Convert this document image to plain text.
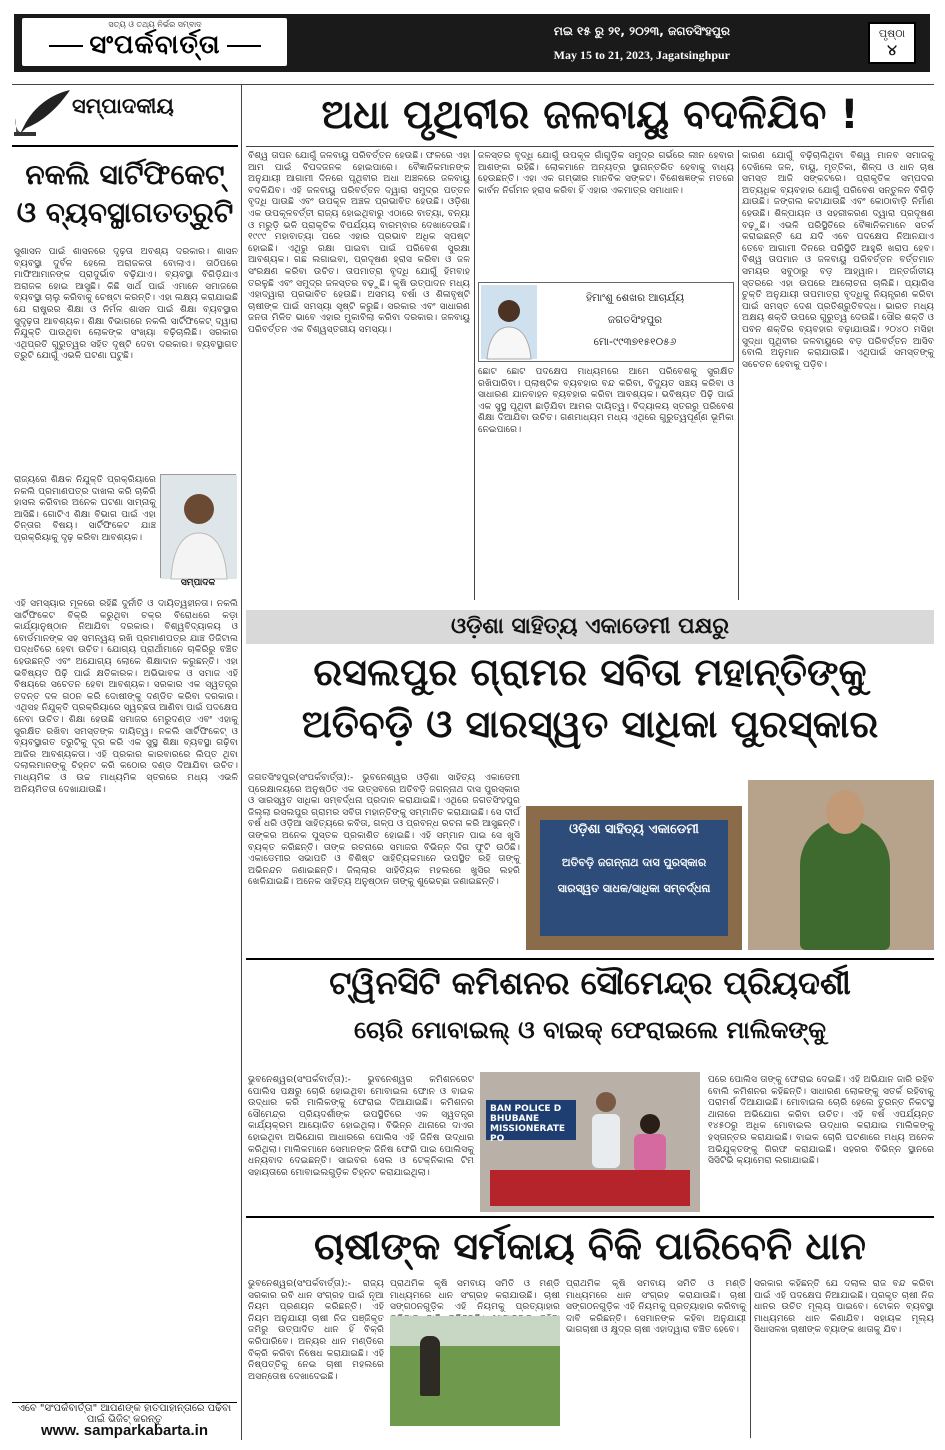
ସତ୍ୟ ଓ ତଥ୍ୟ ନିର୍ଭର ସମ୍ବାଦ
ସଂପର୍କବାର୍ତ୍ତା	ମଇ ୧୫ ରୁ ୨୧, ୨୦୨୩, ଜଗତସିଂହପୁର
May 15 to 21, 2023, Jagatsinghpur
ପୃଷ୍ଠା
୪
ସମ୍ପାଦକୀୟ
ନକଲି ସାର୍ଟିଫିକେଟ୍
ଓ ବ୍ୟବସ୍ଥାଗତତ୍ରୁଟି
ସୁଶାସନ ପାଇଁ ଶାସନରେ ଦୃଢ଼ତା ଅବଶ୍ୟ ଦରକାର। ଶାସନ ବ୍ୟବସ୍ଥା ଦୁର୍ବଳ ହେଲେ ଅରାଜକତା ବୋଲାଏ। ତାଠିପରେ ମାଫିଆମାନଙ୍କ ପ୍ରାଦୁର୍ଭାବ ବଢ଼ିଯାଏ। ବ୍ୟବସ୍ଥା ବିଗିଡ଼ିଯାଏ ଅରାଜକ ହୋଇ ଆସୁଛି। କିଛି ସାର୍ଥ ପାଇଁ ଏମାନେ ସମାଜରେ ବ୍ୟବସ୍ଥା ଚାଲୁ କରିବାକୁ ଚେଷ୍ଟା କରନ୍ତି। ଏହା ଲକ୍ଷ୍ୟ କରାଯାଇଛି ଯେ ରାଷ୍ଟ୍ରର ଶିକ୍ଷା ଓ ନିର୍ମଳ ଶାସନ ପାଇଁ ଶିକ୍ଷା ବ୍ୟବସ୍ଥାର ସୁଦୃଢ଼ତା ଆବଶ୍ୟକ। ଶିକ୍ଷା ବିଭାଗରେ ନକଲି ସାର୍ଟିଫିକେଟ୍ ଦ୍ୱାରା ନିଯୁକ୍ତି ପାଉଥିବା ଲୋକଙ୍କ ସଂଖ୍ୟା ବଢ଼ିଚାଲିଛି। ସରକାର ଏଥିପ୍ରତି ଗୁରୁତ୍ୱର ସହିତ ଦୃଷ୍ଟି ଦେବା ଦରକାର। ବ୍ୟବସ୍ଥାଗତ ତ୍ରୁଟି ଯୋଗୁଁ ଏଭଳି ଘଟଣା ଘଟୁଛି।
ରାଜ୍ୟରେ ଶିକ୍ଷକ ନିଯୁକ୍ତି ପ୍ରକ୍ରିୟାରେ ନକଲି ପ୍ରମାଣପତ୍ର ଦାଖଲ କରି ଚାକିରି ହାସଲ କରିବାର ଅନେକ ଘଟଣା ସାମ୍ନାକୁ ଆସିଛି। ଗୋଟିଏ ଶିକ୍ଷା ବିଭାଗ ପାଇଁ ଏହା ଚିନ୍ତାର ବିଷୟ। ସାର୍ଟିଫିକେଟ ଯାଞ୍ଚ ପ୍ରକ୍ରିୟାକୁ ଦୃଢ଼ କରିବା ଆବଶ୍ୟକ।
ସମ୍ପାଦକ
ଏହି ସମସ୍ୟାର ମୂଳରେ ରହିଛି ଦୁର୍ନୀତି ଓ ଦାୟିତ୍ୱହୀନତା। ନକଲି ସାର୍ଟିଫିକେଟ ବିକ୍ରି କରୁଥିବା ଚକ୍ର ବିରୋଧରେ କଡ଼ା କାର୍ଯ୍ୟାନୁଷ୍ଠାନ ନିଆଯିବା ଦରକାର। ବିଶ୍ୱବିଦ୍ୟାଳୟ ଓ ବୋର୍ଡମାନଙ୍କ ସହ ସମନ୍ୱୟ ରଖି ପ୍ରମାଣପତ୍ର ଯାଞ୍ଚ ଡିଜିଟାଲ ପଦ୍ଧତିରେ ହେବା ଉଚିତ। ଯୋଗ୍ୟ ପ୍ରାର୍ଥୀମାନେ ଚାକିରିରୁ ବଞ୍ଚିତ ହେଉଛନ୍ତି ଏବଂ ଅଯୋଗ୍ୟ ଲୋକେ ଶିକ୍ଷାଦାନ କରୁଛନ୍ତି। ଏହା ଭବିଷ୍ୟତ ପିଢ଼ି ପାଇଁ କ୍ଷତିକାରକ। ଅଭିଭାବକ ଓ ସମାଜ ଏହି ବିଷୟରେ ସଚେତନ ହେବା ଆବଶ୍ୟକ। ସରକାର ଏକ ସ୍ୱତନ୍ତ୍ର ତଦନ୍ତ ଦଳ ଗଠନ କରି ଦୋଷୀଙ୍କୁ ଦଣ୍ଡିତ କରିବା ଦରକାର। ଏଥିସହ ନିଯୁକ୍ତି ପ୍ରକ୍ରିୟାରେ ସ୍ୱଚ୍ଛତା ଆଣିବା ପାଇଁ ପଦକ୍ଷେପ ନେବା ଉଚିତ। ଶିକ୍ଷା ହେଉଛି ସମାଜର ମେରୁଦଣ୍ଡ ଏବଂ ଏହାକୁ ସୁରକ୍ଷିତ ରଖିବା ସମସ୍ତଙ୍କ ଦାୟିତ୍ୱ। ନକଲି ସାର୍ଟିଫିକେଟ୍ ଓ ବ୍ୟବସ୍ଥାଗତ ତ୍ରୁଟିକୁ ଦୂର କରି ଏକ ସୁସ୍ଥ ଶିକ୍ଷା ବ୍ୟବସ୍ଥା ଗଢ଼ିବା ଆଜିର ଆବଶ୍ୟକତା। ଏହି ପ୍ରକାର କାରବାରରେ ଲିପ୍ତ ଥିବା ଦଲାଲମାନଙ୍କୁ ଚିହ୍ନଟ କରି କଠୋର ଦଣ୍ଡ ଦିଆଯିବା ଉଚିତ। ମାଧ୍ୟମିକ ଓ ଉଚ୍ଚ ମାଧ୍ୟମିକ ସ୍ତରରେ ମଧ୍ୟ ଏଭଳି ଅନିୟମିତତା ଦେଖାଯାଉଛି।
ଏବେ "ସଂପର୍କବାର୍ତ୍ତା" ଆପଣଙ୍କ ହାତପାହାନ୍ତାରେ ପଢିବା ପାଇଁ ଭିଜିଟ୍ କରନ୍ତୁ
www. samparkabarta.in
ଅଧା ପୃଥିବୀର ଜଳବାୟୁ ବଦଳିଯିବ !
ବିଶ୍ୱ ତାପନ ଯୋଗୁଁ ଜଳବାୟୁ ପରିବର୍ତ୍ତନ ହେଉଛି। ଫଳରେ ଏହା ଆମ ପାଇଁ ବିପଦଜନକ ହୋଇପାରେ। ବୈଜ୍ଞାନିକମାନଙ୍କ ଅନୁଯାୟୀ ଆଗାମୀ ଦିନରେ ପୃଥିବୀର ଅଧା ଅଞ୍ଚଳରେ ଜଳବାୟୁ ବଦଳିଯିବ। ଏହି ଜଳବାୟୁ ପରିବର୍ତ୍ତନ ଦ୍ୱାରା ସମୁଦ୍ର ପତ୍ତନ ବୃଦ୍ଧି ପାଉଛି ଏବଂ ଉପକୂଳ ଅଞ୍ଚଳ ପ୍ରଭାବିତ ହେଉଛି। ଓଡ଼ିଶା ଏକ ଉପକୂଳବର୍ତ୍ତୀ ରାଜ୍ୟ ହୋଇଥିବାରୁ ଏଠାରେ ବାତ୍ୟା, ବନ୍ୟା ଓ ମରୁଡ଼ି ଭଳି ପ୍ରାକୃତିକ ବିପର୍ଯ୍ୟୟ ବାରମ୍ବାର ଦେଖାଦେଉଛି। ୧୯୯୯ ମହାବାତ୍ୟା ପରେ ଏହାର ପ୍ରଭାବ ଅଧିକ ସ୍ପଷ୍ଟ ହୋଇଛି। ଏଥିରୁ ରକ୍ଷା ପାଇବା ପାଇଁ ପରିବେଶ ସୁରକ୍ଷା ଆବଶ୍ୟକ। ଗଛ ଲଗାଇବା, ପ୍ରଦୂଷଣ ହ୍ରାସ କରିବା ଓ ଜଳ ସଂରକ୍ଷଣ କରିବା ଉଚିତ। ତାପମାତ୍ରା ବୃଦ୍ଧି ଯୋଗୁଁ ହିମବାହ ତରଳୁଛି ଏବଂ ସମୁଦ୍ର ଜଳସ୍ତର ବଢ଼ୁଛି। କୃଷି ଉତ୍ପାଦନ ମଧ୍ୟ ଏହାଦ୍ୱାରା ପ୍ରଭାବିତ ହେଉଛି। ଅସମୟ ବର୍ଷା ଓ ଶିଳାବୃଷ୍ଟି ଚାଷୀଙ୍କ ପାଇଁ ସମସ୍ୟା ସୃଷ୍ଟି କରୁଛି। ସରକାର ଏବଂ ସାଧାରଣ ଜନତା ମିଳିତ ଭାବେ ଏହାର ମୁକାବିଲା କରିବା ଦରକାର। ଜଳବାୟୁ ପରିବର୍ତ୍ତନ ଏକ ବିଶ୍ୱସ୍ତରୀୟ ସମସ୍ୟା।
ଜଳସ୍ତର ବୃଦ୍ଧି ଯୋଗୁଁ ଉପକୂଳ ଗାଁଗୁଡ଼ିକ ସମୁଦ୍ର ଗର୍ଭରେ ଲୀନ ହେବାର ଆଶଙ୍କା ରହିଛି। ଲୋକମାନେ ଅନ୍ୟତ୍ର ସ୍ଥାନାନ୍ତରିତ ହେବାକୁ ବାଧ୍ୟ ହେଉଛନ୍ତି। ଏହା ଏକ ଗମ୍ଭୀର ମାନବିକ ସଙ୍କଟ। ବିଶେଷଜ୍ଞଙ୍କ ମତରେ କାର୍ବନ ନିର୍ଗମନ ହ୍ରାସ କରିବା ହିଁ ଏହାର ଏକମାତ୍ର ସମାଧାନ।
ହିମାଂଶୁ ଶେଖର ଆଚାର୍ଯ୍ୟ
ଜଗତସିଂହପୁର
ମୋ-୯୯୩୭୧୫୧୦୫୬
ଛୋଟ ଛୋଟ ପଦକ୍ଷେପ ମାଧ୍ୟମରେ ଆମେ ପରିବେଶକୁ ସୁରକ୍ଷିତ ରଖିପାରିବା। ପ୍ଲାଷ୍ଟିକ ବ୍ୟବହାର ବନ୍ଦ କରିବା, ବିଦ୍ୟୁତ ସଞ୍ଚୟ କରିବା ଓ ସାଧାରଣ ଯାନବାହନ ବ୍ୟବହାର କରିବା ଆବଶ୍ୟକ। ଭବିଷ୍ୟତ ପିଢ଼ି ପାଇଁ ଏକ ସୁସ୍ଥ ପୃଥିବୀ ଛାଡ଼ିଯିବା ଆମର ଦାୟିତ୍ୱ। ବିଦ୍ୟାଳୟ ସ୍ତରରୁ ପରିବେଶ ଶିକ୍ଷା ଦିଆଯିବା ଉଚିତ। ଗଣମାଧ୍ୟମ ମଧ୍ୟ ଏଥିରେ ଗୁରୁତ୍ୱପୂର୍ଣ୍ଣ ଭୂମିକା ନେଇପାରେ।
କାରଣ ଯୋଗୁଁ ବଢ଼ିଚାଲିଥିବା ବିଶ୍ୱ ମାନବ ସମାଜକୁ ଦେଖିଲେ ଜଳ, ବାୟୁ, ମୃତ୍ତିକା, ଶିଳ୍ପ ଓ ଧାନ ଚାଷ ସମସ୍ତ ଆଜି ସଙ୍କଟରେ। ପ୍ରାକୃତିକ ସମ୍ପଦର ଅତ୍ୟଧିକ ବ୍ୟବହାର ଯୋଗୁଁ ପରିବେଶ ସନ୍ତୁଳନ ବିଗିଡ଼ି ଯାଉଛି। ଜଙ୍ଗଲ କଟାଯାଉଛି ଏବଂ କୋଠାବାଡ଼ି ନିର୍ମାଣ ହେଉଛି। ଶିଳ୍ପାୟନ ଓ ସହରୀକରଣ ଦ୍ୱାରା ପ୍ରଦୂଷଣ ବଢ଼ୁଛି। ଏଭଳି ପରିସ୍ଥିତିରେ ବୈଜ୍ଞାନିକମାନେ ସତର୍କ କରାଇଛନ୍ତି ଯେ ଯଦି ଏବେ ପଦକ୍ଷେପ ନିଆନଯାଏ ତେବେ ଆଗାମୀ ଦିନରେ ପରିସ୍ଥିତି ଆହୁରି ଖରାପ ହେବ। ବିଶ୍ୱ ତାପମାନ ଓ ଜଳବାୟୁ ପରିବର୍ତ୍ତନ ବର୍ତ୍ତମାନ ସମୟର ସବୁଠାରୁ ବଡ଼ ଆହ୍ୱାନ। ଅନ୍ତର୍ଜାତୀୟ ସ୍ତରରେ ଏହା ଉପରେ ଆଲୋଚନା ଚାଲିଛି। ପ୍ୟାରିସ ଚୁକ୍ତି ଅନୁଯାୟୀ ତାପମାତ୍ରା ବୃଦ୍ଧିକୁ ନିୟନ୍ତ୍ରଣ କରିବା ପାଇଁ ସମସ୍ତ ଦେଶ ପ୍ରତିଶ୍ରୁତିବଦ୍ଧ। ଭାରତ ମଧ୍ୟ ଅକ୍ଷୟ ଶକ୍ତି ଉପରେ ଗୁରୁତ୍ୱ ଦେଉଛି। ସୌର ଶକ୍ତି ଓ ପବନ ଶକ୍ତିର ବ୍ୟବହାର ବଢ଼ାଯାଉଛି। ୨୦୪୦ ମସିହା ସୁଦ୍ଧା ପୃଥିବୀର ଜଳବାୟୁରେ ବଡ଼ ପରିବର୍ତ୍ତନ ଆସିବ ବୋଲି ଅନୁମାନ କରାଯାଉଛି। ଏଥିପାଇଁ ସମସ୍ତଙ୍କୁ ସଚେତନ ହେବାକୁ ପଡ଼ିବ।
ଓଡ଼ିଶା ସାହିତ୍ୟ ଏକାଡେମୀ ପକ୍ଷରୁ
ରସଲପୁର ଗ୍ରାମର ସବିତା ମହାନ୍ତିଙ୍କୁ
ଅତିବଡ଼ି ଓ ସାରସ୍ୱତ ସାଧିକା ପୁରସ୍କାର
ଜଗତସିଂହପୁର(ସଂପର୍କବାର୍ତ୍ତା):- ଭୁବନେଶ୍ୱର ଓଡ଼ିଶା ସାହିତ୍ୟ ଏକାଡେମୀ ପ୍ରେକ୍ଷାଳୟରେ ଅନୁଷ୍ଠିତ ଏକ ଉତ୍ସବରେ ଅତିବଡ଼ି ଜଗନ୍ନାଥ ଦାସ ପୁରସ୍କାର ଓ ସାରସ୍ୱତ ସାଧିକା ସମ୍ବର୍ଦ୍ଧନା ପ୍ରଦାନ କରାଯାଇଛି। ଏଥିରେ ଜଗତସିଂହପୁର ଜିଲ୍ଲା ରସଲପୁର ଗ୍ରାମର ସବିତା ମହାନ୍ତିଙ୍କୁ ସମ୍ମାନିତ କରାଯାଇଛି। ସେ ଦୀର୍ଘ ବର୍ଷ ଧରି ଓଡ଼ିଆ ସାହିତ୍ୟରେ କବିତା, ଗଳ୍ପ ଓ ପ୍ରବନ୍ଧ ରଚନା କରି ଆସୁଛନ୍ତି। ତାଙ୍କର ଅନେକ ପୁସ୍ତକ ପ୍ରକାଶିତ ହୋଇଛି। ଏହି ସମ୍ମାନ ପାଇ ସେ ଖୁସି ବ୍ୟକ୍ତ କରିଛନ୍ତି। ତାଙ୍କ ରଚନାରେ ସମାଜର ବିଭିନ୍ନ ଦିଗ ଫୁଟି ଉଠିଛି। ଏକାଡେମୀର ସଭାପତି ଓ ବିଶିଷ୍ଟ ସାହିତ୍ୟିକମାନେ ଉପସ୍ଥିତ ରହି ତାଙ୍କୁ ଅଭିନନ୍ଦନ ଜଣାଇଛନ୍ତି। ଜିଲ୍ଲାର ସାହିତ୍ୟିକ ମହଲରେ ଖୁସିର ଲହରି ଖେଳିଯାଇଛି। ଅନେକ ସାହିତ୍ୟ ଅନୁଷ୍ଠାନ ତାଙ୍କୁ ଶୁଭେଚ୍ଛା ଜଣାଇଛନ୍ତି।
ଓଡ଼ିଶା ସାହିତ୍ୟ ଏକାଡେମୀ
ଅତିବଡ଼ି ଜଗନ୍ନାଥ ଦାସ ପୁରସ୍କାର
ସାରସ୍ୱତ ସାଧକ/ସାଧିକା ସମ୍ବର୍ଦ୍ଧନା
ଟ୍ୱିନସିଟି କମିଶନର ସୌମେନ୍ଦ୍ର ପ୍ରିୟଦର୍ଶୀ
ଚୋରି ମୋବାଇଲ୍ ଓ ବାଇକ୍ ଫେରାଇଲେ ମାଲିକଙ୍କୁ
ଭୁବନେଶ୍ୱର(ସଂପର୍କବାର୍ତ୍ତା):- ଭୁବନେଶ୍ୱର କମିଶନରେଟ ପୋଲିସ ପକ୍ଷରୁ ଚୋରି ହୋଇଥିବା ମୋବାଇଲ ଫୋନ ଓ ବାଇକ ଉଦ୍ଧାର କରି ମାଲିକଙ୍କୁ ଫେରାଇ ଦିଆଯାଇଛି। କମିଶନର ସୌମେନ୍ଦ୍ର ପ୍ରିୟଦର୍ଶୀଙ୍କ ଉପସ୍ଥିତିରେ ଏକ ସ୍ୱତନ୍ତ୍ର କାର୍ଯ୍ୟକ୍ରମ ଆୟୋଜିତ ହୋଇଥିଲା। ବିଭିନ୍ନ ଥାନାରେ ଦାଏର ହୋଇଥିବା ଅଭିଯୋଗ ଆଧାରରେ ପୋଲିସ ଏହି ଜିନିଷ ଉଦ୍ଧାର କରିଥିଲା। ମାଲିକମାନେ ସେମାନଙ୍କ ଜିନିଷ ଫେରି ପାଇ ପୋଲିସକୁ ଧନ୍ୟବାଦ ଦେଇଛନ୍ତି। ସାଇବର ସେଲ ଓ ଟେକ୍ନିକାଲ ଟିମ ସହାୟତାରେ ମୋବାଇଲଗୁଡ଼ିକ ଚିହ୍ନଟ କରାଯାଇଥିଲା।
BAN POLICE D
BHUBANE
MISSIONERATE PO
ପରେ ପୋଲିସ ତାଙ୍କୁ ଫେରାଇ ଦେଇଛି। ଏହି ଅଭିଯାନ ଜାରି ରହିବ ବୋଲି କମିଶନର କହିଛନ୍ତି। ସାଧାରଣ ଲୋକଙ୍କୁ ସତର୍କ ରହିବାକୁ ପରାମର୍ଶ ଦିଆଯାଇଛି। ମୋବାଇଲ ଚୋରି ହେଲେ ତୁରନ୍ତ ନିକଟସ୍ଥ ଥାନାରେ ଅଭିଯୋଗ କରିବା ଉଚିତ। ଏହି ବର୍ଷ ଏପର୍ଯ୍ୟନ୍ତ ୧୪୫୦ରୁ ଅଧିକ ମୋବାଇଲ ଉଦ୍ଧାର କରାଯାଇ ମାଲିକଙ୍କୁ ହସ୍ତାନ୍ତର କରାଯାଇଛି। ବାଇକ ଚୋରି ଘଟଣାରେ ମଧ୍ୟ ଅନେକ ଅଭିଯୁକ୍ତଙ୍କୁ ଗିରଫ କରାଯାଇଛି। ସହରର ବିଭିନ୍ନ ସ୍ଥାନରେ ସିସିଟିଭି କ୍ୟାମେରା ଲଗାଯାଇଛି।
ଚାଷୀଙ୍କ ସର୍ମକାୟ ବିକି ପାରିବେନି ଧାନ
ଭୁବନେଶ୍ୱର(ସଂପର୍କବାର୍ତ୍ତା):- ରାଜ୍ୟ ସରକାର ରବି ଧାନ ସଂଗ୍ରହ ପାଇଁ ନୂଆ ନିୟମ ପ୍ରଣୟନ କରିଛନ୍ତି। ଏହି ନିୟମ ଅନୁଯାୟୀ ଚାଷୀ ନିଜ ପଞ୍ଜିକୃତ ଜମିରୁ ଉତ୍ପାଦିତ ଧାନ ହିଁ ବିକ୍ରି କରିପାରିବେ। ଅନ୍ୟର ଧାନ ମଣ୍ଡିରେ ବିକ୍ରି କରିବା ନିଷେଧ କରାଯାଇଛି। ଏହି ନିଷ୍ପତ୍ତିକୁ ନେଇ ଚାଷୀ ମହଲରେ ଅସନ୍ତୋଷ ଦେଖାଦେଇଛି।
ପ୍ରାଥମିକ କୃଷି ସମବାୟ ସମିତି ଓ ମଣ୍ଡି ମାଧ୍ୟମରେ ଧାନ ସଂଗ୍ରହ କରାଯାଉଛି। ଚାଷୀ ସଙ୍ଗଠନଗୁଡ଼ିକ ଏହି ନିୟମକୁ ପ୍ରତ୍ୟାହାର
ପ୍ରାଥମିକ କୃଷି ସମବାୟ ସମିତି ଓ ମଣ୍ଡି ମାଧ୍ୟମରେ ଧାନ ସଂଗ୍ରହ କରାଯାଉଛି। ଚାଷୀ ସଙ୍ଗଠନଗୁଡ଼ିକ ଏହି ନିୟମକୁ ପ୍ରତ୍ୟାହାର କରିବାକୁ ଦାବି କରିଛନ୍ତି। ସେମାନଙ୍କ କହିବା ଅନୁଯାୟୀ ଭାଗଚାଷୀ ଓ କ୍ଷୁଦ୍ର ଚାଷୀ ଏହାଦ୍ୱାରା ବଞ୍ଚିତ ହେବେ।
ସରକାର କହିଛନ୍ତି ଯେ ଦଲାଲ ରାଜ ବନ୍ଦ କରିବା ପାଇଁ ଏହି ପଦକ୍ଷେପ ନିଆଯାଇଛି। ପ୍ରକୃତ ଚାଷୀ ନିଜ ଧାନର ଉଚିତ ମୂଲ୍ୟ ପାଇବେ। ଟୋକନ ବ୍ୟବସ୍ଥା ମାଧ୍ୟମରେ ଧାନ କିଣାଯିବ। ସହାୟକ ମୂଲ୍ୟ ସିଧାସଳଖ ଚାଷୀଙ୍କ ବ୍ୟାଙ୍କ ଖାତାକୁ ଯିବ।
